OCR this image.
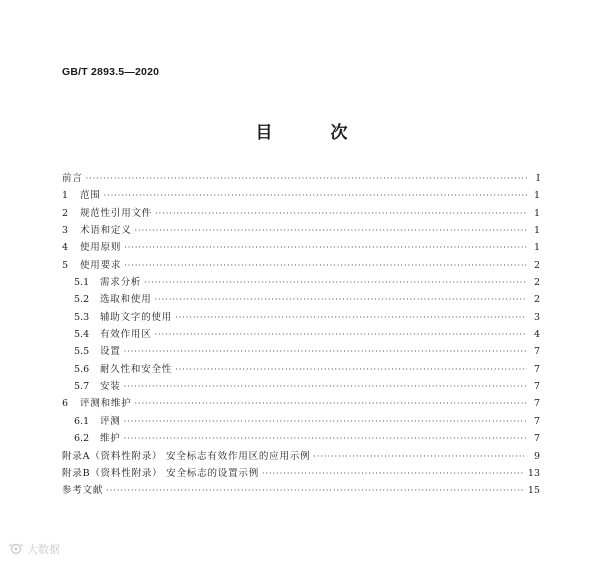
GB/T 2893.5—2020
目 次
前言 ·····	Ⅰ
1	范围 ·····	1
2	规范性引用文件 ·····	1
3	术语和定义 ·····	1
4	使用原则 ·····	1
5	使用要求 ·····	2
5.1	需求分析 ·····	2
5.2	选取和使用 ·····	2
5.3	辅助文字的使用 ·····	3
5.4	有效作用区 ·····	4
5.5	设置 ·····	7
5.6	耐久性和安全性 ·····	7
5.7	安装 ·····	7
6	评测和维护 ·····	7
6.1	评测 ·····	7
6.2	维护 ·····	7
附录A（资料性附录） 安全标志有效作用区的应用示例 ·····	9
附录B（资料性附录） 安全标志的设置示例 ·····	13
参考文献 ·····	15
大数据
